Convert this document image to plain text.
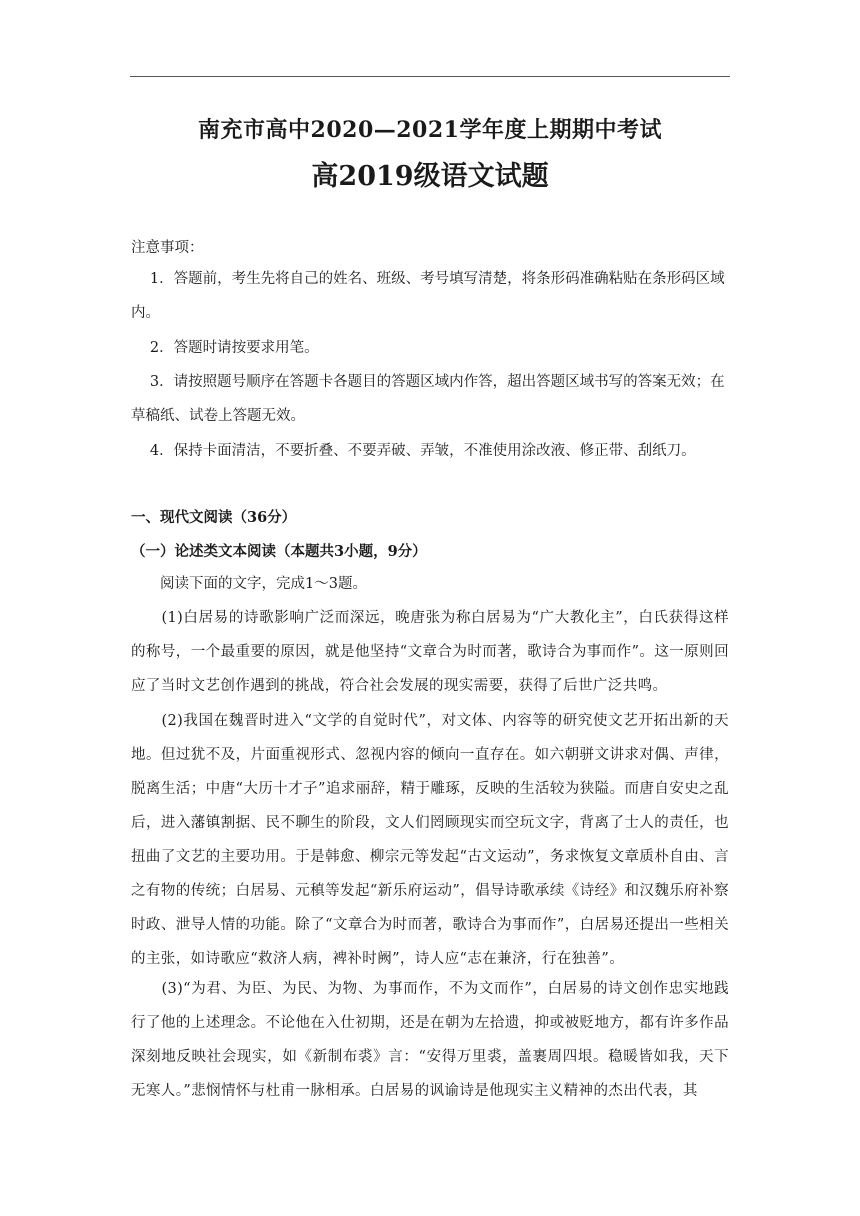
南充市高中2020—2021学年度上期期中考试
高2019级语文试题
注意事项：
1．答题前，考生先将自己的姓名、班级、考号填写清楚，将条形码准确粘贴在条形码区域内。
2．答题时请按要求用笔。
3．请按照题号顺序在答题卡各题目的答题区域内作答，超出答题区域书写的答案无效；在草稿纸、试卷上答题无效。
4．保持卡面清洁，不要折叠、不要弄破、弄皱，不准使用涂改液、修正带、刮纸刀。
一、现代文阅读（36分）
（一）论述类文本阅读（本题共3小题，9分）
阅读下面的文字，完成1～3题。
(1)白居易的诗歌影响广泛而深远，晚唐张为称白居易为“广大教化主”，白氏获得这样的称号，一个最重要的原因，就是他坚持“文章合为时而著，歌诗合为事而作”。这一原则回应了当时文艺创作遇到的挑战，符合社会发展的现实需要，获得了后世广泛共鸣。
(2)我国在魏晋时进入“文学的自觉时代”，对文体、内容等的研究使文艺开拓出新的天地。但过犹不及，片面重视形式、忽视内容的倾向一直存在。如六朝骈文讲求对偶、声律，脱离生活；中唐“大历十才子”追求丽辞，精于雕琢，反映的生活较为狭隘。而唐自安史之乱后，进入藩镇割据、民不聊生的阶段，文人们罔顾现实而空玩文字，背离了士人的责任，也扭曲了文艺的主要功用。于是韩愈、柳宗元等发起“古文运动”，务求恢复文章质朴自由、言之有物的传统；白居易、元稹等发起“新乐府运动”，倡导诗歌承续《诗经》和汉魏乐府补察时政、泄导人情的功能。除了“文章合为时而著，歌诗合为事而作”，白居易还提出一些相关的主张，如诗歌应“救济人病，裨补时阙”，诗人应“志在兼济，行在独善”。
(3)“为君、为臣、为民、为物、为事而作，不为文而作”，白居易的诗文创作忠实地践行了他的上述理念。不论他在入仕初期，还是在朝为左拾遗，抑或被贬地方，都有许多作品深刻地反映社会现实，如《新制布裘》言：“安得万里裘，盖裹周四垠。稳暖皆如我，天下无寒人。”悲悯情怀与杜甫一脉相承。白居易的讽谕诗是他现实主义精神的杰出代表，其
